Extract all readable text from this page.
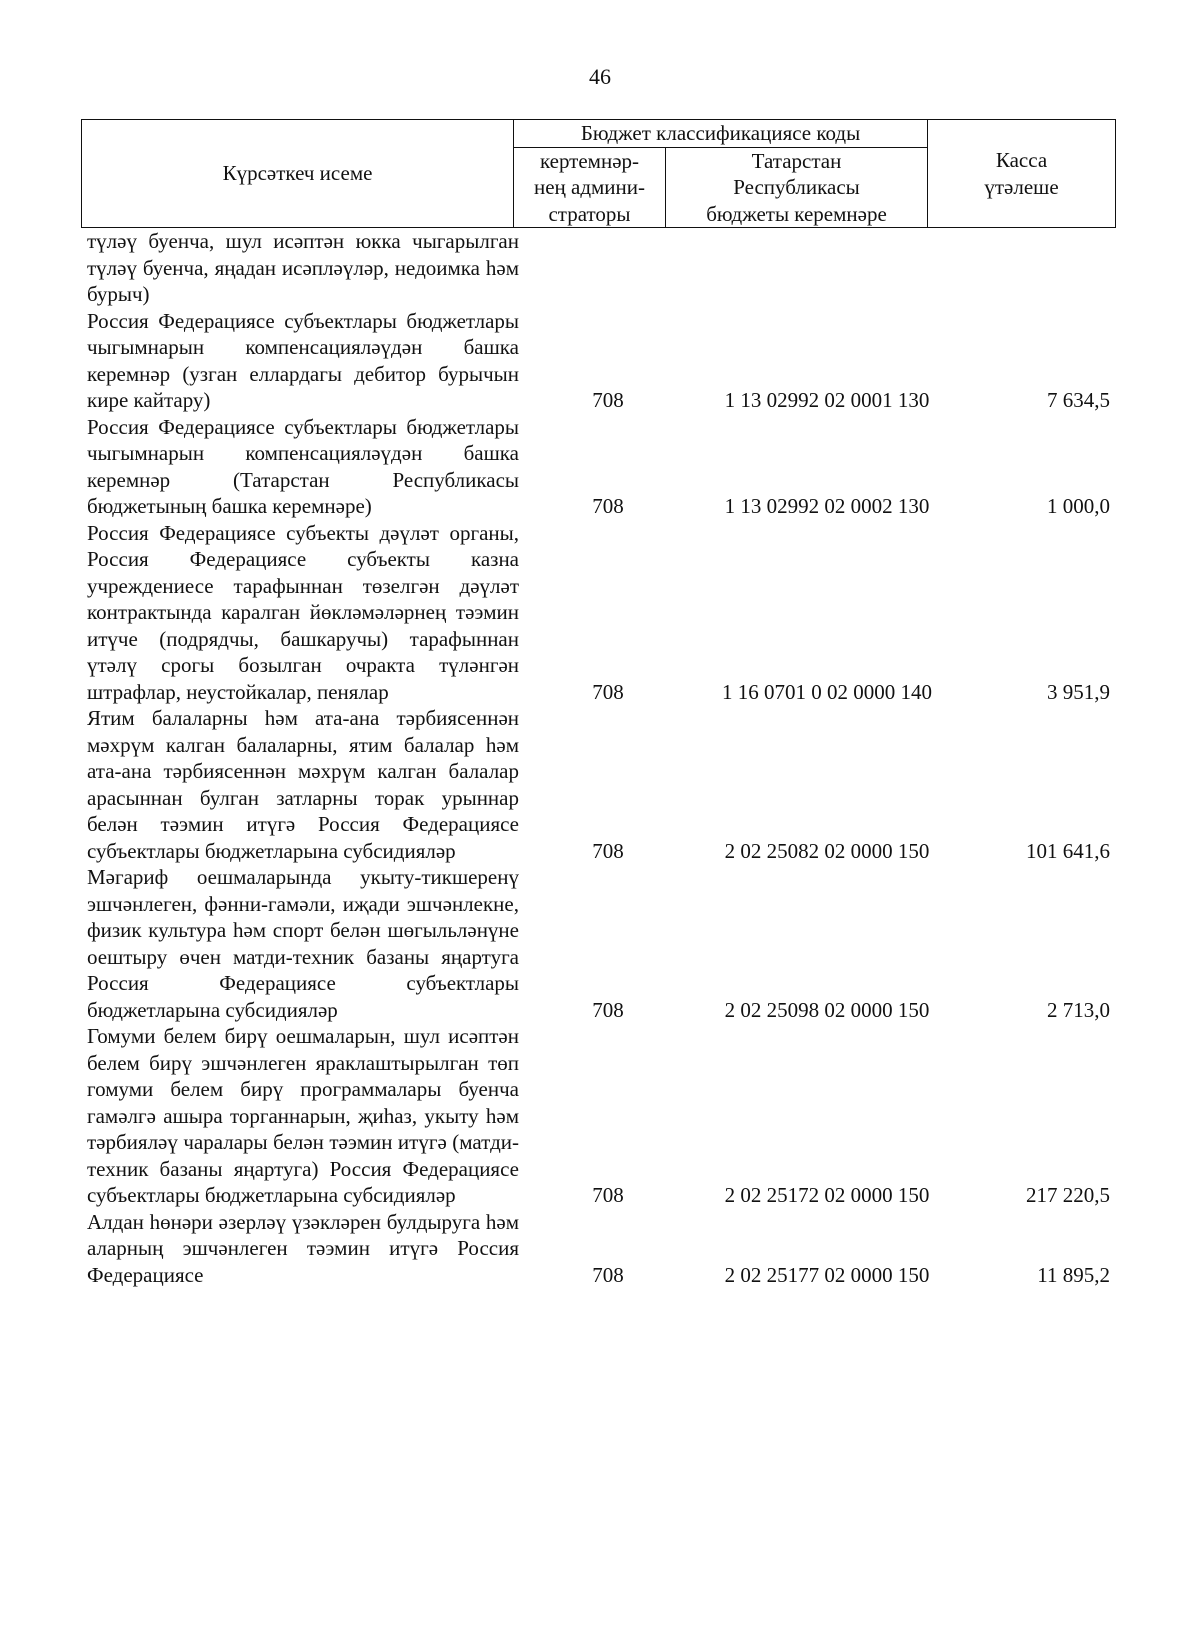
46
Күрсәткеч исеме	Бюджет классификациясе коды		Касса
үтәлеше
	кертемнәр-
нең админи-
страторы	Татарстан
Республикасы
бюджеты керемнәре	
түләү буенча, шул исәптән юкка чыгарылган түләү буенча, яңадан исәпләүләр, недоимка һәм бурыч)
Россия Федерациясе субъектлары бюджетлары чыгымнарын компенсацияләүдән башка керемнәр (узган еллардагы дебитор бурычын кире кайтару)	708	1 13 02992 02 0001 130	7 634,5
Россия Федерациясе субъектлары бюджетлары чыгымнарын компенсацияләүдән башка керемнәр (Татарстан Республикасы бюджетының башка керемнәре)	708	1 13 02992 02 0002 130	1 000,0
Россия Федерациясе субъекты дәүләт органы, Россия Федерациясе субъекты казна учреждениесе тарафыннан төзелгән дәүләт контрактында каралган йөкләмәләрнең тәэмин итүче (подрядчы, башкаручы) тарафыннан үтәлү срогы бозылган очракта түләнгән штрафлар, неустойкалар, пенялар	708	1 16 0701 0 02 0000 140	3 951,9
Ятим балаларны һәм ата-ана тәрбиясеннән мәхрүм калган балаларны, ятим балалар һәм ата-ана тәрбиясеннән мәхрүм калган балалар арасыннан булган затларны торак урыннар белән тәэмин итүгә Россия Федерациясе субъектлары бюджетларына субсидияләр	708	2 02 25082 02 0000 150	101 641,6
Мәгариф оешмаларында укыту-тикшеренү эшчәнлеген, фәнни-гамәли, иҗади эшчәнлекне, физик культура һәм спорт белән шөгыльләнүне оештыру өчен матди-техник базаны яңартуга Россия Федерациясе субъектлары бюджетларына субсидияләр	708	2 02 25098 02 0000 150	2 713,0
Гомуми белем бирү оешмаларын, шул исәптән белем бирү эшчәнлеген яраклаштырылган төп гомуми белем бирү программалары буенча гамәлгә ашыра торганнарын, җиһаз, укыту һәм тәрбияләү чаралары белән тәэмин итүгә (матди-техник базаны яңартуга) Россия Федерациясе субъектлары бюджетларына субсидияләр	708	2 02 25172 02 0000 150	217 220,5
Алдан һөнәри әзерләү үзәкләрен булдыруга һәм аларның эшчәнлеген тәэмин итүгә Россия Федерациясе	708	2 02 25177 02 0000 150	11 895,2
